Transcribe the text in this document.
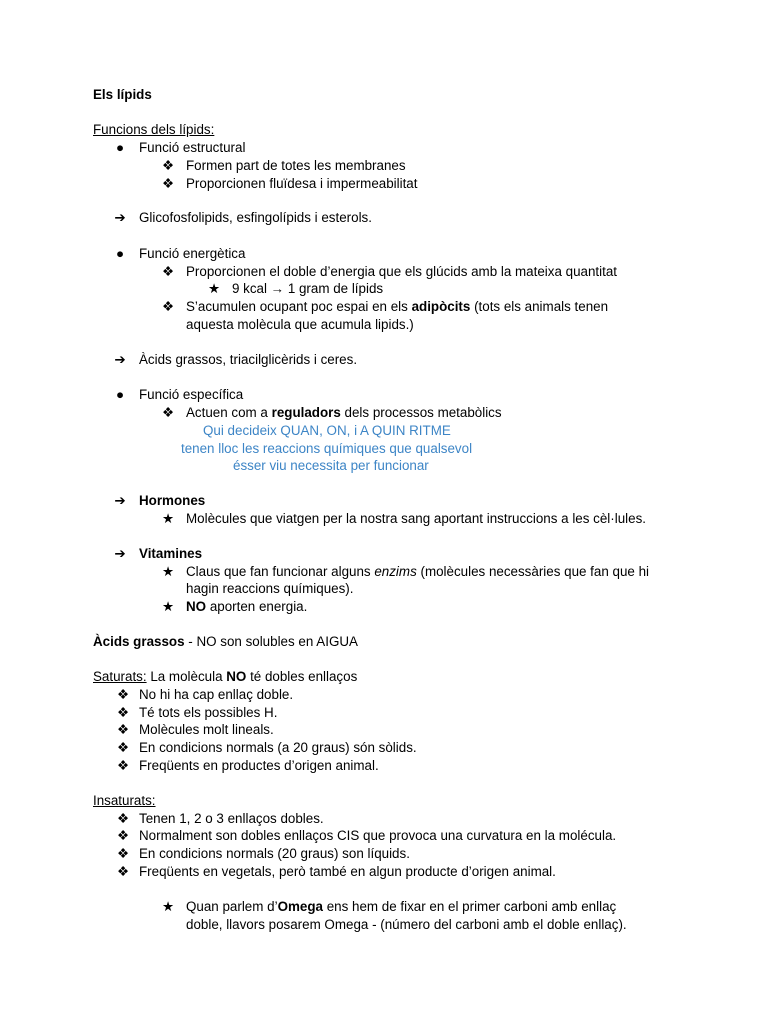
Els lípids
Funcions dels lípids:
● Funció estructural
❖ Formen part de totes les membranes
❖ Proporcionen fluïdesa i impermeabilitat
➔ Glicofosfolipids, esfingolípids i esterols.
● Funció energètica
❖ Proporcionen el doble d’energia que els glúcids amb la mateixa quantitat
★ 9 kcal → 1 gram de lípids
❖ S’acumulen ocupant poc espai en els adipòcits (tots els animals tenen
aquesta molècula que acumula lipids.)
➔ Àcids grassos, triacilglicèrids i ceres.
● Funció específica
❖ Actuen com a reguladors dels processos metabòlics
Qui decideix QUAN, ON, i A QUIN RITME
tenen lloc les reaccions químiques que qualsevol
ésser viu necessita per funcionar
➔ Hormones
★ Molècules que viatgen per la nostra sang aportant instruccions a les cèl·lules.
➔ Vitamines
★ Claus que fan funcionar alguns enzims (molècules necessàries que fan que hi
hagin reaccions químiques).
★ NO aporten energia.
Àcids grassos - NO son solubles en AIGUA
Saturats: La molècula NO té dobles enllaços
❖ No hi ha cap enllaç doble.
❖ Té tots els possibles H.
❖ Molècules molt lineals.
❖ En condicions normals (a 20 graus) són sòlids.
❖ Freqüents en productes d’origen animal.
Insaturats:
❖ Tenen 1, 2 o 3 enllaços dobles.
❖ Normalment son dobles enllaços CIS que provoca una curvatura en la molécula.
❖ En condicions normals (20 graus) son líquids.
❖ Freqüents en vegetals, però també en algun producte d’origen animal.
★ Quan parlem d’Omega ens hem de fixar en el primer carboni amb enllaç
doble, llavors posarem Omega - (número del carboni amb el doble enllaç).
